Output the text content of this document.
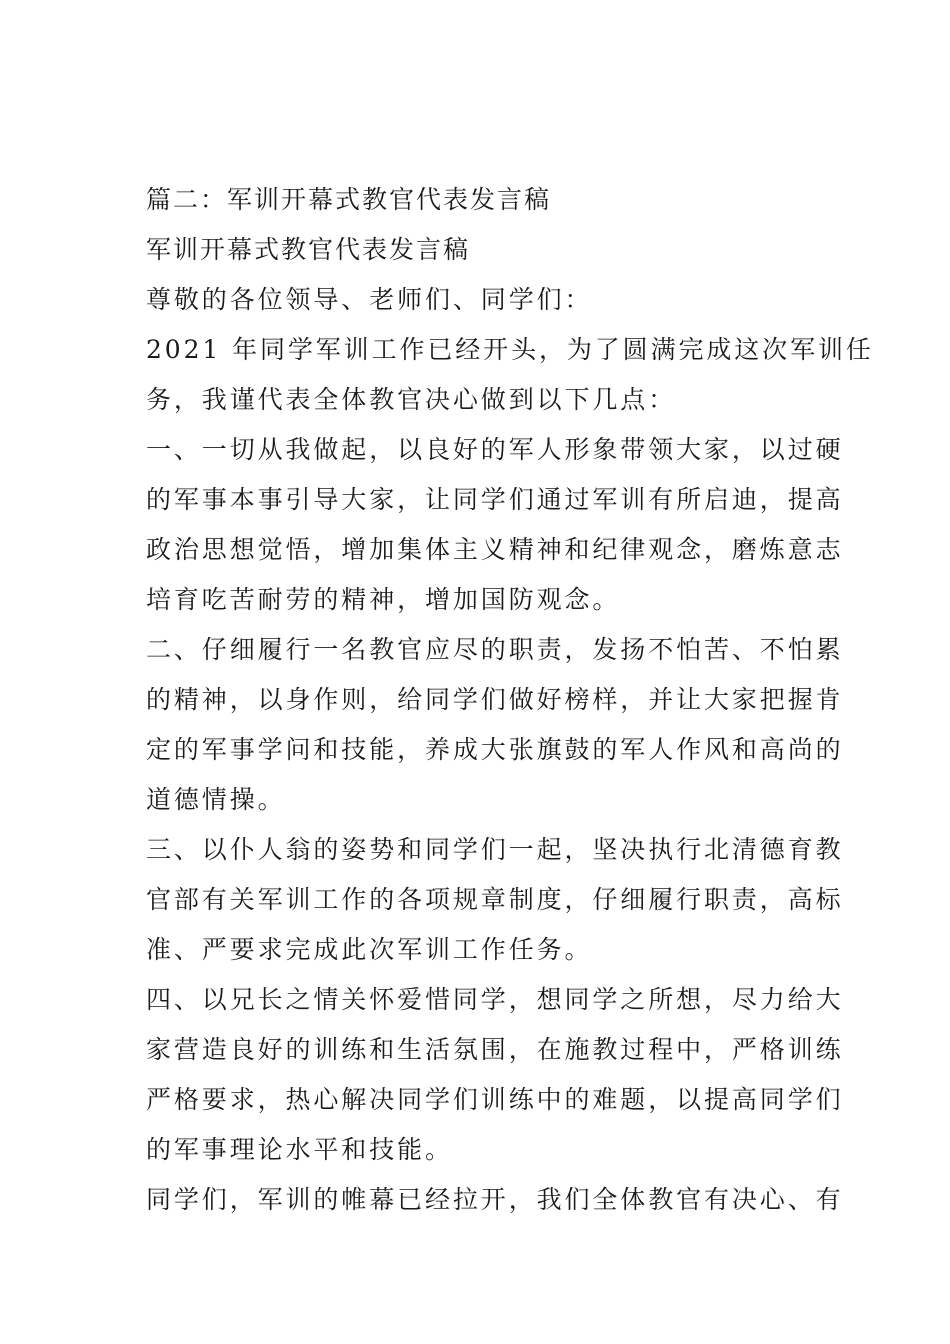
篇二：军训开幕式教官代表发言稿

军训开幕式教官代表发言稿

尊敬的各位领导、老师们、同学们：

2021 年同学军训工作已经开头，为了圆满完成这次军训任

务，我谨代表全体教官决心做到以下几点：

一、一切从我做起，以良好的军人形象带领大家，以过硬

的军事本事引导大家，让同学们通过军训有所启迪，提高

政治思想觉悟，增加集体主义精神和纪律观念，磨炼意志

培育吃苦耐劳的精神，增加国防观念。

二、仔细履行一名教官应尽的职责，发扬不怕苦、不怕累

的精神，以身作则，给同学们做好榜样，并让大家把握肯

定的军事学问和技能，养成大张旗鼓的军人作风和高尚的

道德情操。

三、以仆人翁的姿势和同学们一起，坚决执行北清德育教

官部有关军训工作的各项规章制度，仔细履行职责，高标

准、严要求完成此次军训工作任务。

四、以兄长之情关怀爱惜同学，想同学之所想，尽力给大

家营造良好的训练和生活氛围，在施教过程中，严格训练

严格要求，热心解决同学们训练中的难题，以提高同学们

的军事理论水平和技能。

同学们，军训的帷幕已经拉开，我们全体教官有决心、有
